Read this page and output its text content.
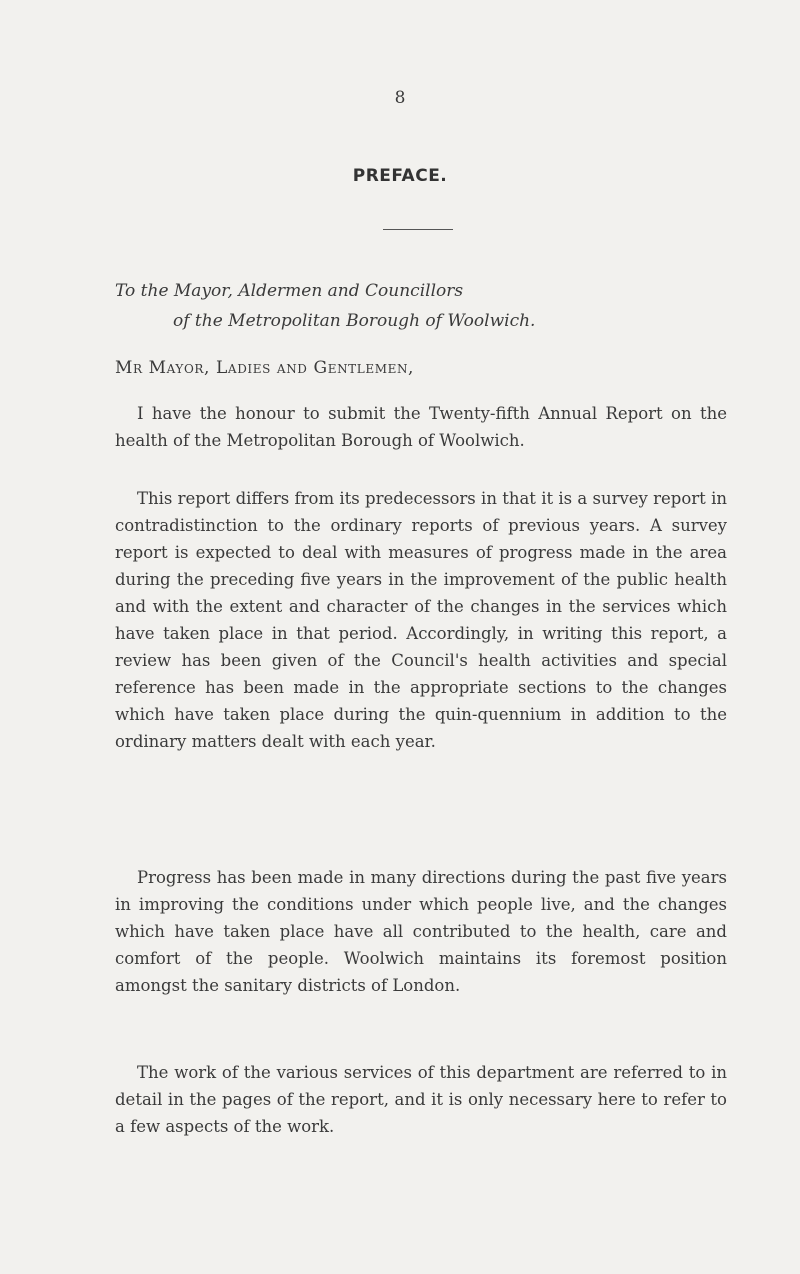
8
PREFACE.
To the Mayor, Aldermen and Councillors
of the Metropolitan Borough of Woolwich.
Mr Mayor, Ladies and Gentlemen,

I have the honour to submit the Twenty-fifth Annual Report on the health of the Metropolitan Borough of Woolwich.

This report differs from its predecessors in that it is a survey report in contradistinction to the ordinary reports of previous years. A survey report is expected to deal with measures of progress made in the area during the preceding five years in the improvement of the public health and with the extent and character of the changes in the services which have taken place in that period. Accordingly, in writing this report, a review has been given of the Council's health activities and special reference has been made in the appropriate sections to the changes which have taken place during the quin-quennium in addition to the ordinary matters dealt with each year.

Progress has been made in many directions during the past five years in improving the conditions under which people live, and the changes which have taken place have all contributed to the health, care and comfort of the people. Woolwich maintains its foremost position amongst the sanitary districts of London.

The work of the various services of this department are referred to in detail in the pages of the report, and it is only necessary here to refer to a few aspects of the work.
